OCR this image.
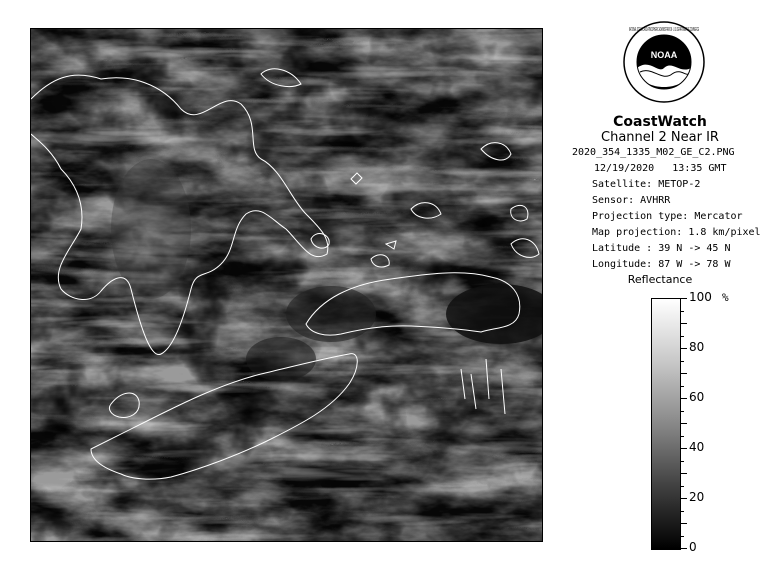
NOAA
NATIONAL OCEANIC AND ATMOSPHERIC ADMINISTRATION · U.S. DEPARTMENT OF COMMERCE
CoastWatch
Channel 2 Near IR
2020_354_1335_M02_GE_C2.PNG
12/19/2020 13:35 GMT
Satellite: METOP-2
Sensor: AVHRR
Projection type: Mercator
Map projection: 1.8 km/pixel
Latitude : 39 N -> 45 N
Longitude: 87 W -> 78 W
Reflectance
%
100
80
60
40
20
0
